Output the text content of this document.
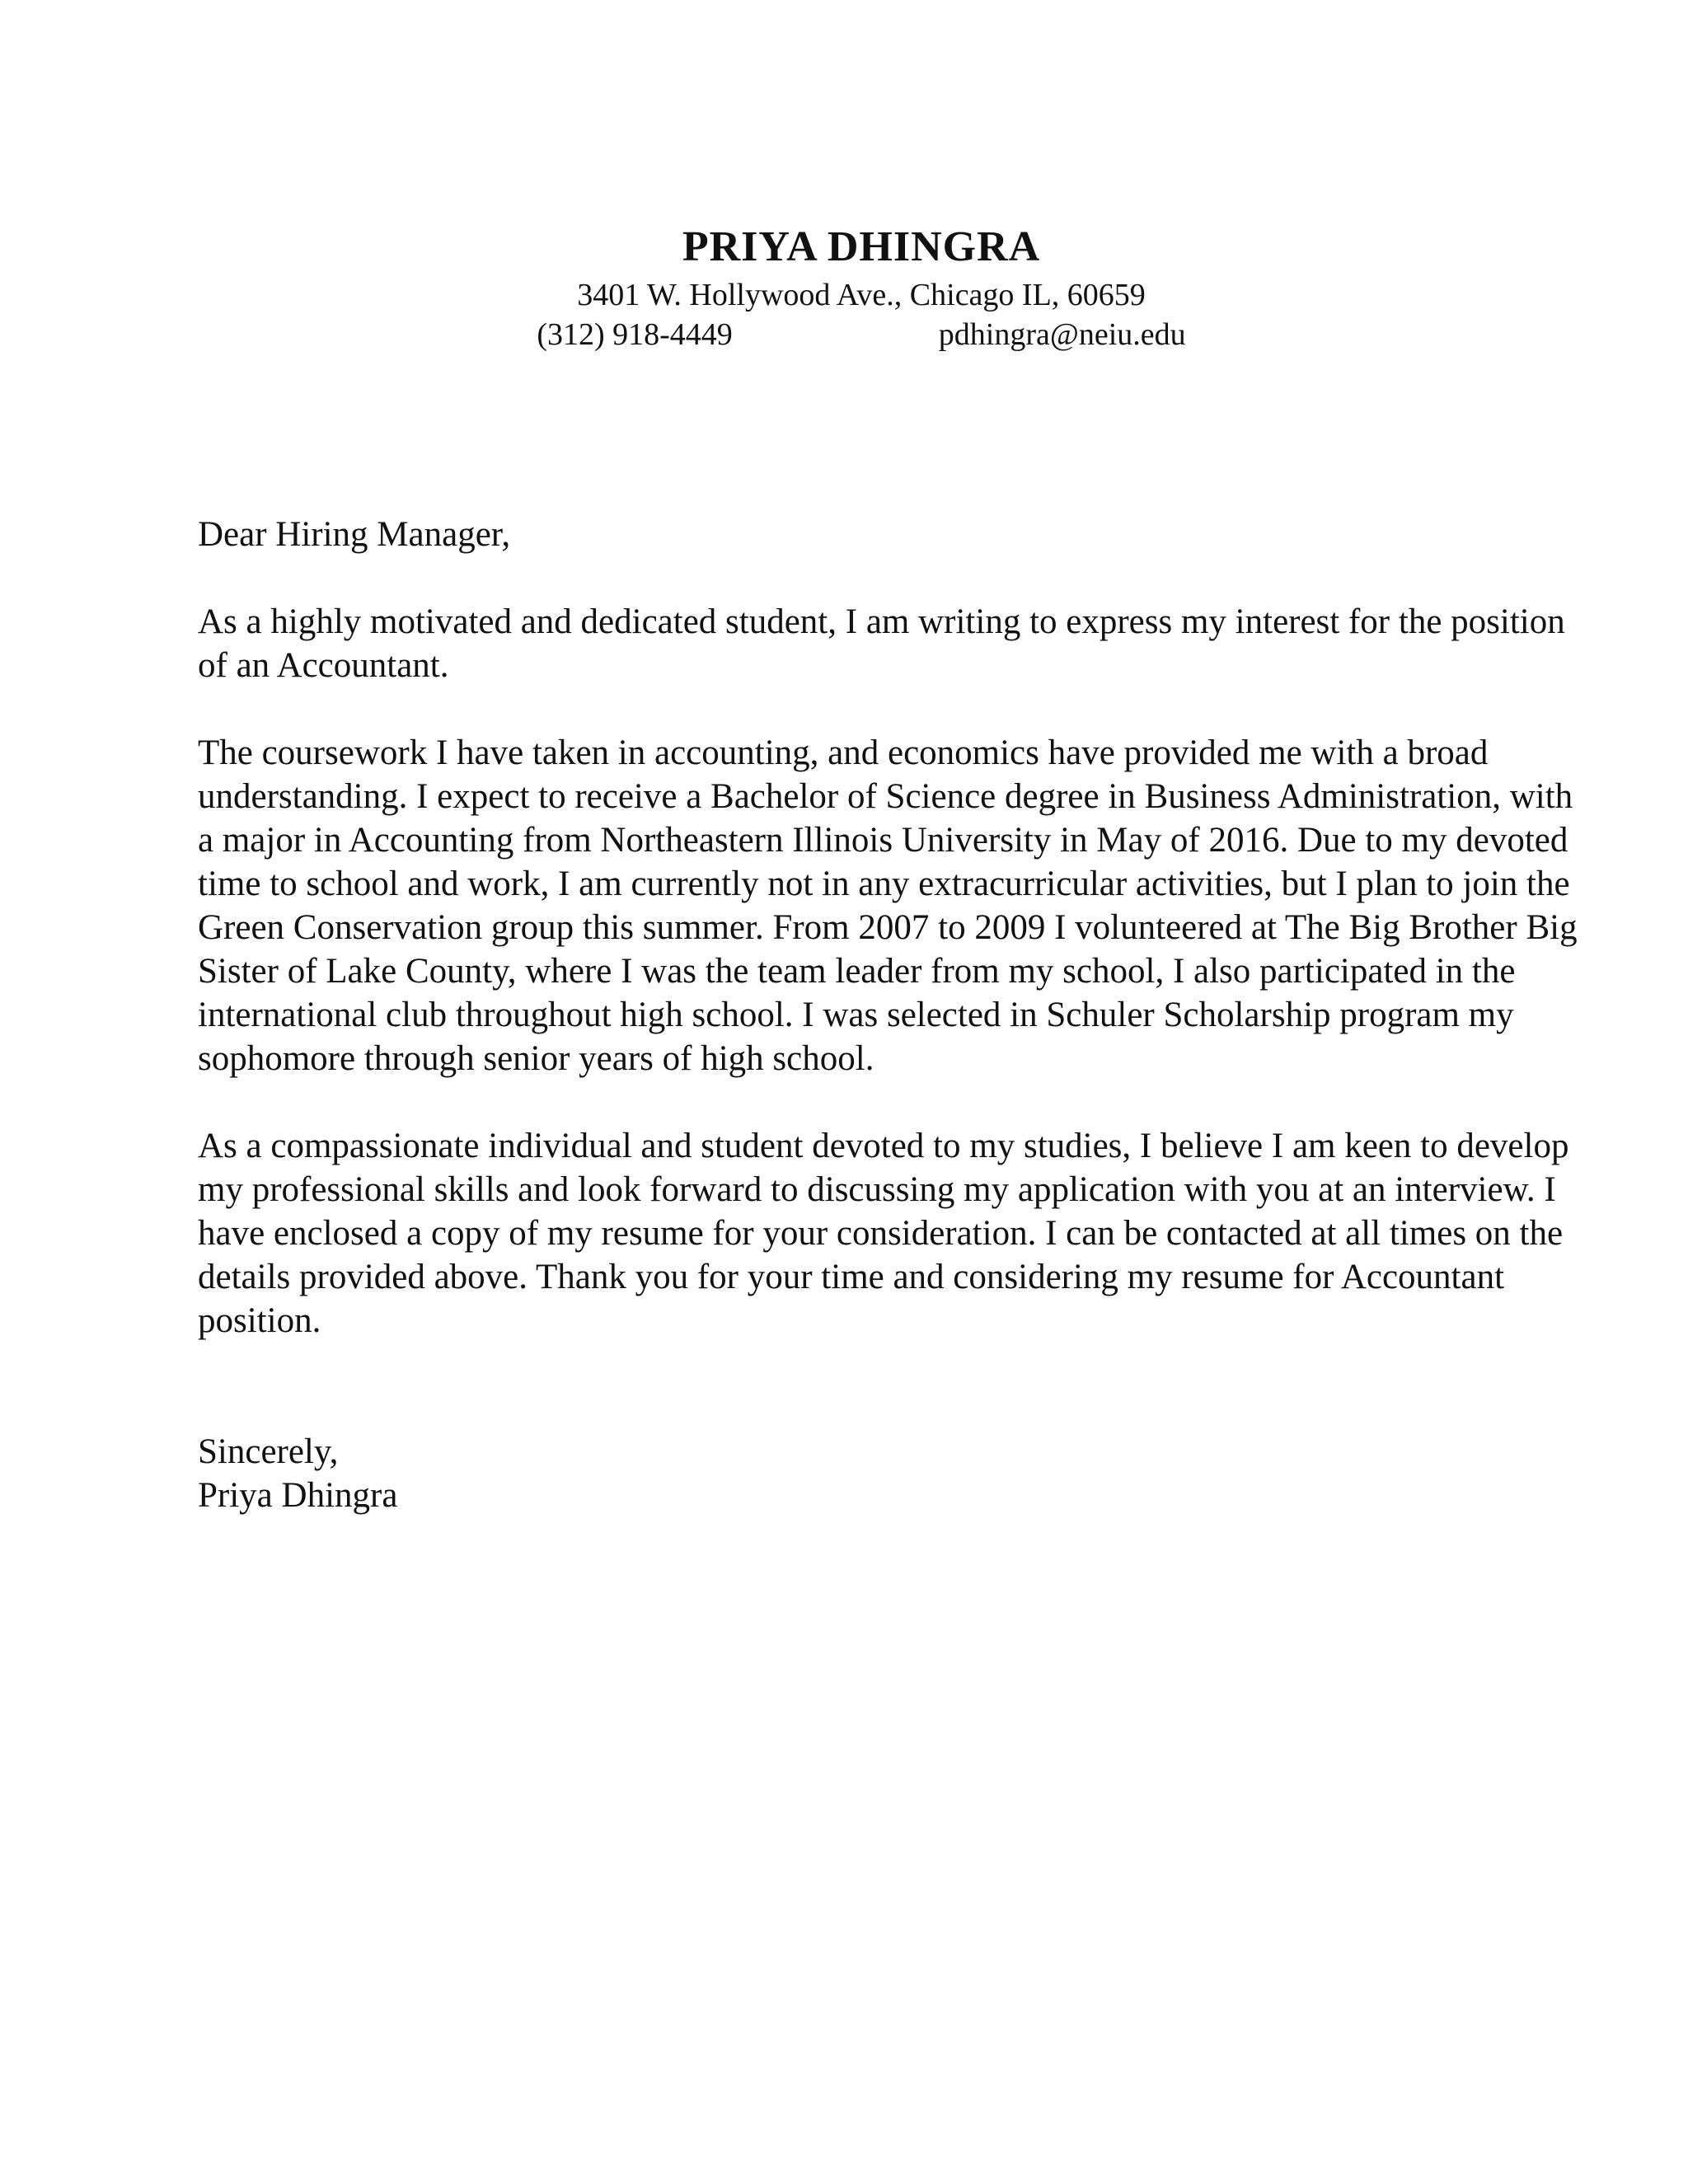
PRIYA DHINGRA
3401 W. Hollywood Ave., Chicago IL, 60659
(312) 918-4449	pdhingra@neiu.edu

Dear Hiring Manager,

As a highly motivated and dedicated student, I am writing to express my interest for the position of an Accountant.

The coursework I have taken in accounting, and economics have provided me with a broad understanding. I expect to receive a Bachelor of Science degree in Business Administration, with a major in Accounting from Northeastern Illinois University in May of 2016. Due to my devoted time to school and work, I am currently not in any extracurricular activities, but I plan to join the Green Conservation group this summer. From 2007 to 2009 I volunteered at The Big Brother Big Sister of Lake County, where I was the team leader from my school, I also participated in the international club throughout high school. I was selected in Schuler Scholarship program my sophomore through senior years of high school.

As a compassionate individual and student devoted to my studies, I believe I am keen to develop my professional skills and look forward to discussing my application with you at an interview. I have enclosed a copy of my resume for your consideration. I can be contacted at all times on the details provided above. Thank you for your time and considering my resume for Accountant position.

Sincerely,

Priya Dhingra
